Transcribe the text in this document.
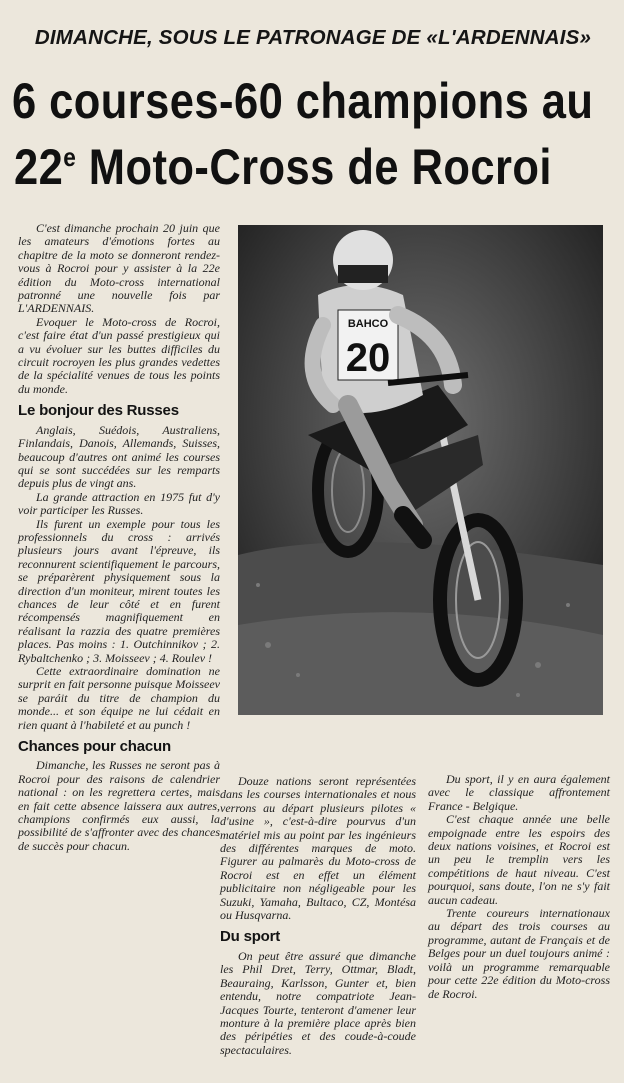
DIMANCHE, SOUS LE PATRONAGE DE «L'ARDENNAIS»
6 courses-60 champions au
22e Moto-Cross de Rocroi

C'est dimanche prochain 20 juin que les amateurs d'émotions fortes au chapitre de la moto se donneront rendez-vous à Rocroi pour y assister à la 22e édition du Moto-cross international patronné une nouvelle fois par L'ARDENNAIS.

Evoquer le Moto-cross de Rocroi, c'est faire état d'un passé prestigieux qui a vu évoluer sur les buttes difficiles du circuit rocroyen les plus grandes vedettes de la spécialité venues de tous les points du monde.

Le bonjour des Russes

Anglais, Suédois, Australiens, Finlandais, Danois, Allemands, Suisses, beaucoup d'autres ont animé les courses qui se sont succédées sur les remparts depuis plus de vingt ans.

La grande attraction en 1975 fut d'y voir participer les Russes.

Ils furent un exemple pour tous les professionnels du cross : arrivés plusieurs jours avant l'épreuve, ils reconnurent scientifiquement le parcours, se préparèrent physiquement sous la direction d'un moniteur, mirent toutes les chances de leur côté et en furent récompensés magnifiquement en réalisant la razzia des quatre premières places. Pas moins : 1. Outchinnikov ; 2. Rybaltchenko ; 3. Moisseev ; 4. Roulev !

Cette extraordinaire domination ne surprit en fait personne puisque Moisseev se paráit du titre de champion du monde... et son équipe ne lui cédait en rien quant à l'habileté et au punch !

Chances pour chacun

Dimanche, les Russes ne seront pas à Rocroi pour des raisons de calendrier national : on les regrettera certes, mais en fait cette absence laissera aux autres, champions confirmés eux aussi, la possibilité de s'affronter avec des chances de succès pour chacun.

Douze nations seront représentées dans les courses internationales et nous verrons au départ plusieurs pilotes « d'usine », c'est-à-dire pourvus d'un matériel mis au point par les ingénieurs des différentes marques de moto. Figurer au palmarès du Moto-cross de Rocroi est en effet un élément publicitaire non négligeable pour les Suzuki, Yamaha, Bultaco, CZ, Montésa ou Husqvarna.

Du sport

On peut être assuré que dimanche les Phil Dret, Terry, Ottmar, Bladt, Beauraing, Karlsson, Gunter et, bien entendu, notre compatriote Jean-Jacques Tourte, tenteront d'amener leur monture à la première place après bien des péripéties et des coude-à-coude spectaculaires.

Du sport, il y en aura également avec le classique affrontement France - Belgique.

C'est chaque année une belle empoignade entre les espoirs des deux nations voisines, et Rocroi est un peu le tremplin vers les compétitions de haut niveau. C'est pourquoi, sans doute, l'on ne s'y fait aucun cadeau.

Trente coureurs internationaux au départ des trois courses au programme, autant de Français et de Belges pour un duel toujours animé : voilà un programme remarquable pour cette 22e édition du Moto-cross de Rocroi.

BAHCO
20
